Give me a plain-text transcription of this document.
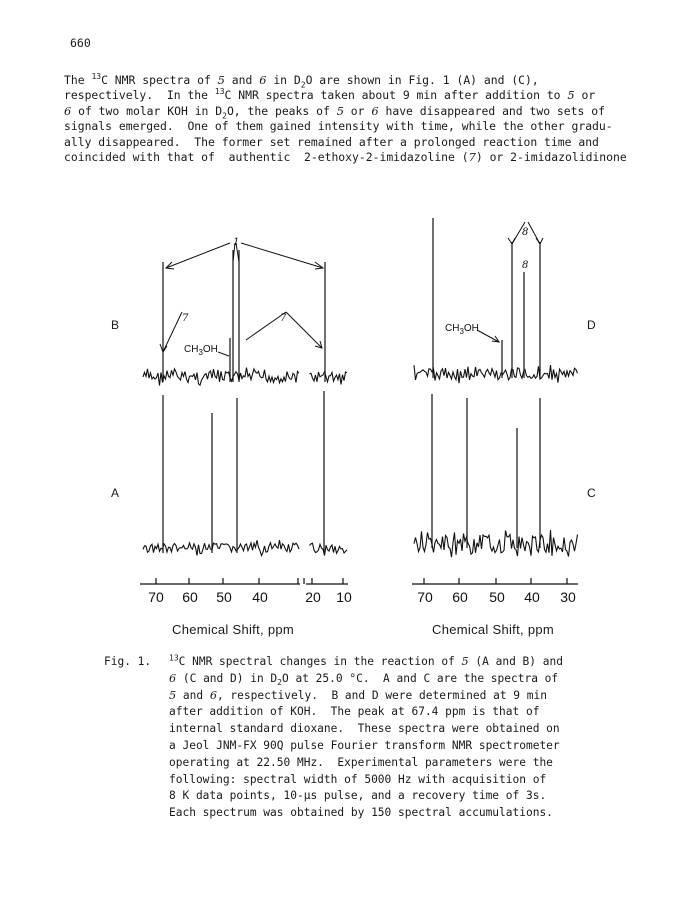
660
The $^{13}$C NMR spectra of 5 and 6 in $D_2O$ are shown in Fig. 1 (A) and (C),
respectively.  In the $^{13}$C NMR spectra taken about 9 min after addition to 5 or
6 of two molar KOH in $D_2O$, the peaks of 5 or 6 have disappeared and two sets of
signals emerged.  One of them gained intensity with time, while the other gradu-
ally disappeared.  The former set remained after a prolonged reaction time and
coincided with that of  authentic  2-ethoxy-2-imidazoline (7) or 2-imidazolidinone
1
7	7
8
8
$CH_3OH$
$CH_3OH$
70 60 50 40	20 10	70 60 50 40 30
B
A
D
C
Chemical Shift, ppm	Chemical Shift, ppm
Fig. 1. $^{13}$C NMR spectral changes in the reaction of 5 (A and B) and
6 (C and D) in $D_2O$ at 25.0 °C.  A and C are the spectra of
5 and 6, respectively.  B and D were determined at 9 min
after addition of KOH.  The peak at 67.4 ppm is that of
internal standard dioxane.  These spectra were obtained on
a Jeol JNM-FX 90Q pulse Fourier transform NMR spectrometer
operating at 22.50 MHz.  Experimental parameters were the
following: spectral width of 5000 Hz with acquisition of
8 K data points, 10-µs pulse, and a recovery time of 3s.
Each spectrum was obtained by 150 spectral accumulations.
